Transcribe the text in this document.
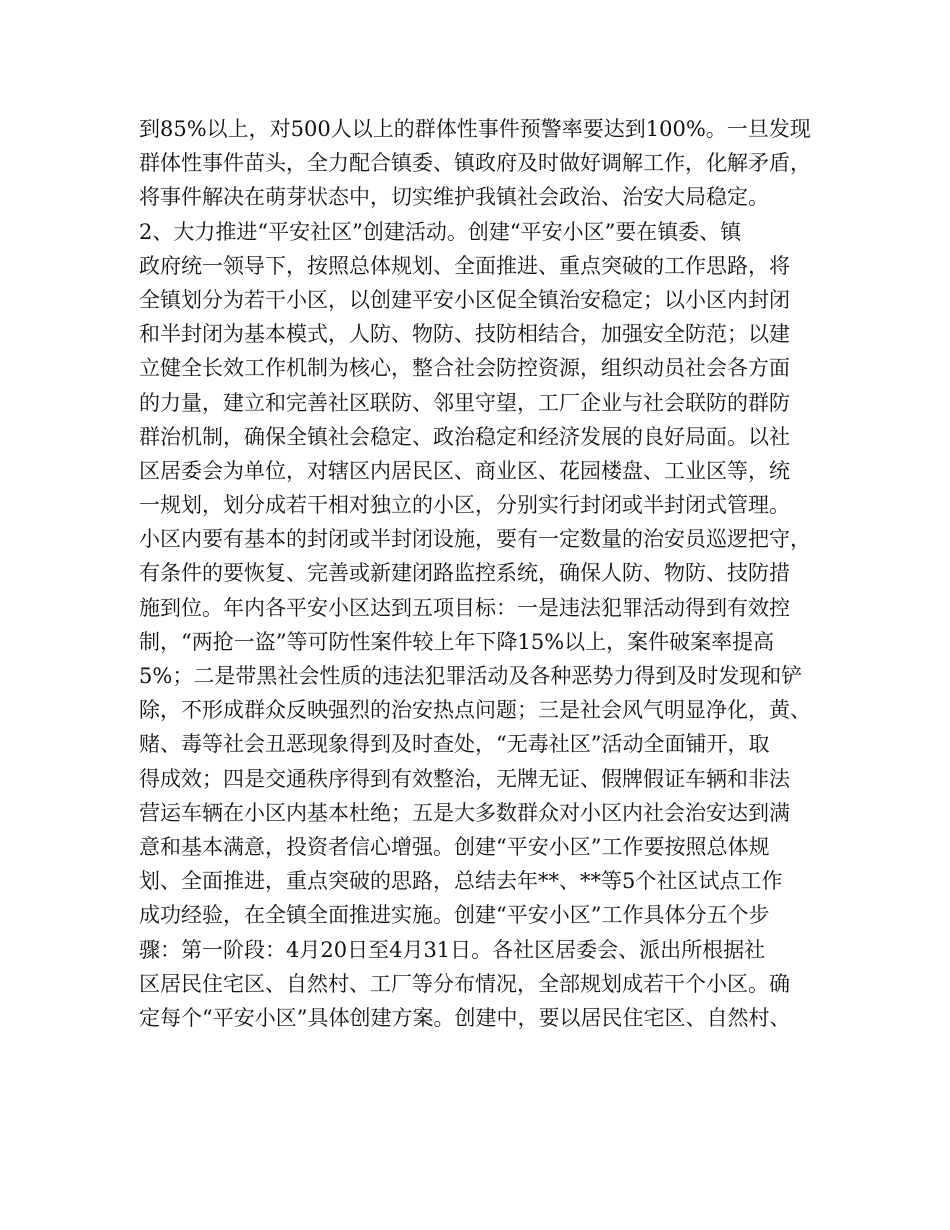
到85%以上，对500人以上的群体性事件预警率要达到100%。一旦发现
群体性事件苗头，全力配合镇委、镇政府及时做好调解工作，化解矛盾，
将事件解决在萌芽状态中，切实维护我镇社会政治、治安大局稳定。
2、大力推进“平安社区”创建活动。创建“平安小区”要在镇委、镇
政府统一领导下，按照总体规划、全面推进、重点突破的工作思路，将
全镇划分为若干小区，以创建平安小区促全镇治安稳定；以小区内封闭
和半封闭为基本模式，人防、物防、技防相结合，加强安全防范；以建
立健全长效工作机制为核心，整合社会防控资源，组织动员社会各方面
的力量，建立和完善社区联防、邻里守望，工厂企业与社会联防的群防
群治机制，确保全镇社会稳定、政治稳定和经济发展的良好局面。以社
区居委会为单位，对辖区内居民区、商业区、花园楼盘、工业区等，统
一规划，划分成若干相对独立的小区，分别实行封闭或半封闭式管理。
小区内要有基本的封闭或半封闭设施，要有一定数量的治安员巡逻把守，
有条件的要恢复、完善或新建闭路监控系统，确保人防、物防、技防措
施到位。年内各平安小区达到五项目标：一是违法犯罪活动得到有效控
制，“两抢一盗”等可防性案件较上年下降15%以上，案件破案率提高
5%；二是带黑社会性质的违法犯罪活动及各种恶势力得到及时发现和铲
除，不形成群众反映强烈的治安热点问题；三是社会风气明显净化，黄、
赌、毒等社会丑恶现象得到及时查处，“无毒社区”活动全面铺开，取
得成效；四是交通秩序得到有效整治，无牌无证、假牌假证车辆和非法
营运车辆在小区内基本杜绝；五是大多数群众对小区内社会治安达到满
意和基本满意，投资者信心增强。创建“平安小区”工作要按照总体规
划、全面推进，重点突破的思路，总结去年**、**等5个社区试点工作
成功经验，在全镇全面推进实施。创建“平安小区”工作具体分五个步
骤：第一阶段：4月20日至4月31日。各社区居委会、派出所根据社
区居民住宅区、自然村、工厂等分布情况，全部规划成若干个小区。确
定每个“平安小区”具体创建方案。创建中，要以居民住宅区、自然村、
